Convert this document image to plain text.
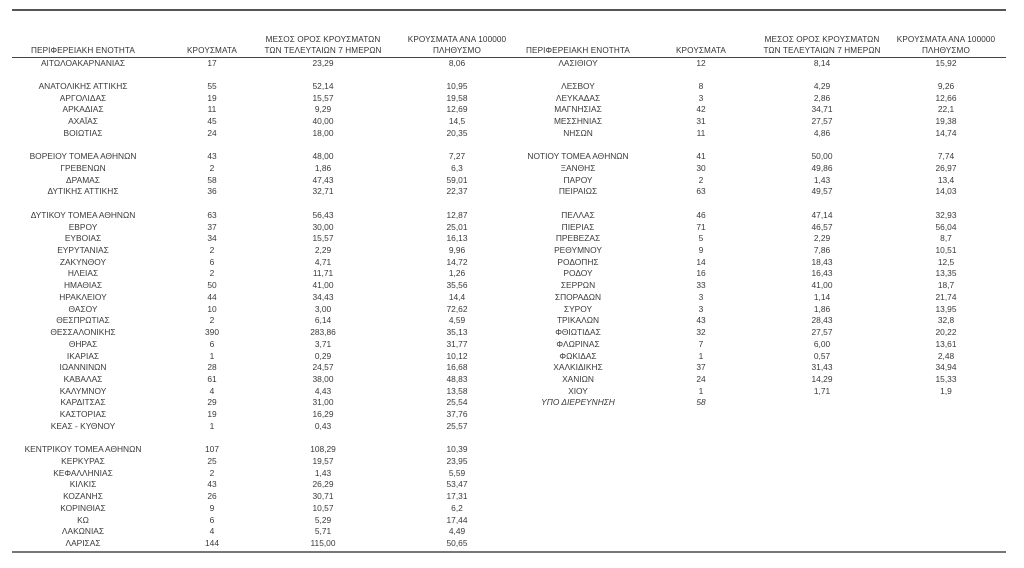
ΠΕΡΙΦΕΡΕΙΑΚΗ ΕΝΟΤΗΤΑ	ΚΡΟΥΣΜΑΤΑ
ΜΕΣΟΣ ΟΡΟΣ ΚΡΟΥΣΜΑΤΩΝ
ΤΩΝ ΤΕΛΕΥΤΑΙΩΝ 7 ΗΜΕΡΩΝ
ΚΡΟΥΣΜΑΤΑ ΑΝΑ 100000
ΠΛΗΘΥΣΜΟ
ΑΙΤΩΛΟΑΚΑΡΝΑΝΙΑΣ	17	23,29	8,06
ΑΝΑΤΟΛΙΚΗΣ ΑΤΤΙΚΗΣ	55	52,14	10,95
ΑΡΓΟΛΙΔΑΣ	19	15,57	19,58
ΑΡΚΑΔΙΑΣ	11	9,29	12,69
ΑΧΑΪΑΣ	45	40,00	14,5
ΒΟΙΩΤΙΑΣ	24	18,00	20,35
ΒΟΡΕΙΟΥ ΤΟΜΕΑ ΑΘΗΝΩΝ	43	48,00	7,27
ΓΡΕΒΕΝΩΝ	2	1,86	6,3
ΔΡΑΜΑΣ	58	47,43	59,01
ΔΥΤΙΚΗΣ ΑΤΤΙΚΗΣ	36	32,71	22,37
ΔΥΤΙΚΟΥ ΤΟΜΕΑ ΑΘΗΝΩΝ	63	56,43	12,87
ΕΒΡΟΥ	37	30,00	25,01
ΕΥΒΟΙΑΣ	34	15,57	16,13
ΕΥΡΥΤΑΝΙΑΣ	2	2,29	9,96
ΖΑΚΥΝΘΟΥ	6	4,71	14,72
ΗΛΕΙΑΣ	2	11,71	1,26
ΗΜΑΘΙΑΣ	50	41,00	35,56
ΗΡΑΚΛΕΙΟΥ	44	34,43	14,4
ΘΑΣΟΥ	10	3,00	72,62
ΘΕΣΠΡΩΤΙΑΣ	2	6,14	4,59
ΘΕΣΣΑΛΟΝΙΚΗΣ	390	283,86	35,13
ΘΗΡΑΣ	6	3,71	31,77
ΙΚΑΡΙΑΣ	1	0,29	10,12
ΙΩΑΝΝΙΝΩΝ	28	24,57	16,68
ΚΑΒΑΛΑΣ	61	38,00	48,83
ΚΑΛΥΜΝΟΥ	4	4,43	13,58
ΚΑΡΔΙΤΣΑΣ	29	31,00	25,54
ΚΑΣΤΟΡΙΑΣ	19	16,29	37,76
ΚΕΑΣ - ΚΥΘΝΟΥ	1	0,43	25,57
ΚΕΝΤΡΙΚΟΥ ΤΟΜΕΑ ΑΘΗΝΩΝ	107	108,29	10,39
ΚΕΡΚΥΡΑΣ	25	19,57	23,95
ΚΕΦΑΛΛΗΝΙΑΣ	2	1,43	5,59
ΚΙΛΚΙΣ	43	26,29	53,47
ΚΟΖΑΝΗΣ	26	30,71	17,31
ΚΟΡΙΝΘΙΑΣ	9	10,57	6,2
ΚΩ	6	5,29	17,44
ΛΑΚΩΝΙΑΣ	4	5,71	4,49
ΛΑΡΙΣΑΣ	144	115,00	50,65
ΠΕΡΙΦΕΡΕΙΑΚΗ ΕΝΟΤΗΤΑ	ΚΡΟΥΣΜΑΤΑ
ΜΕΣΟΣ ΟΡΟΣ ΚΡΟΥΣΜΑΤΩΝ
ΤΩΝ ΤΕΛΕΥΤΑΙΩΝ 7 ΗΜΕΡΩΝ
ΚΡΟΥΣΜΑΤΑ ΑΝΑ 100000
ΠΛΗΘΥΣΜΟ
ΛΑΣΙΘΙΟΥ	12	8,14	15,92
ΛΕΣΒΟΥ	8	4,29	9,26
ΛΕΥΚΑΔΑΣ	3	2,86	12,66
ΜΑΓΝΗΣΙΑΣ	42	34,71	22,1
ΜΕΣΣΗΝΙΑΣ	31	27,57	19,38
ΝΗΣΩΝ	11	4,86	14,74
ΝΟΤΙΟΥ ΤΟΜΕΑ ΑΘΗΝΩΝ	41	50,00	7,74
ΞΑΝΘΗΣ	30	49,86	26,97
ΠΑΡΟΥ	2	1,43	13,4
ΠΕΙΡΑΙΩΣ	63	49,57	14,03
ΠΕΛΛΑΣ	46	47,14	32,93
ΠΙΕΡΙΑΣ	71	46,57	56,04
ΠΡΕΒΕΖΑΣ	5	2,29	8,7
ΡΕΘΥΜΝΟΥ	9	7,86	10,51
ΡΟΔΟΠΗΣ	14	18,43	12,5
ΡΟΔΟΥ	16	16,43	13,35
ΣΕΡΡΩΝ	33	41,00	18,7
ΣΠΟΡΑΔΩΝ	3	1,14	21,74
ΣΥΡΟΥ	3	1,86	13,95
ΤΡΙΚΑΛΩΝ	43	28,43	32,8
ΦΘΙΩΤΙΔΑΣ	32	27,57	20,22
ΦΛΩΡΙΝΑΣ	7	6,00	13,61
ΦΩΚΙΔΑΣ	1	0,57	2,48
ΧΑΛΚΙΔΙΚΗΣ	37	31,43	34,94
ΧΑΝΙΩΝ	24	14,29	15,33
ΧΙΟΥ	1	1,71	1,9
ΥΠΟ ΔΙΕΡΕΥΝΗΣΗ	58
